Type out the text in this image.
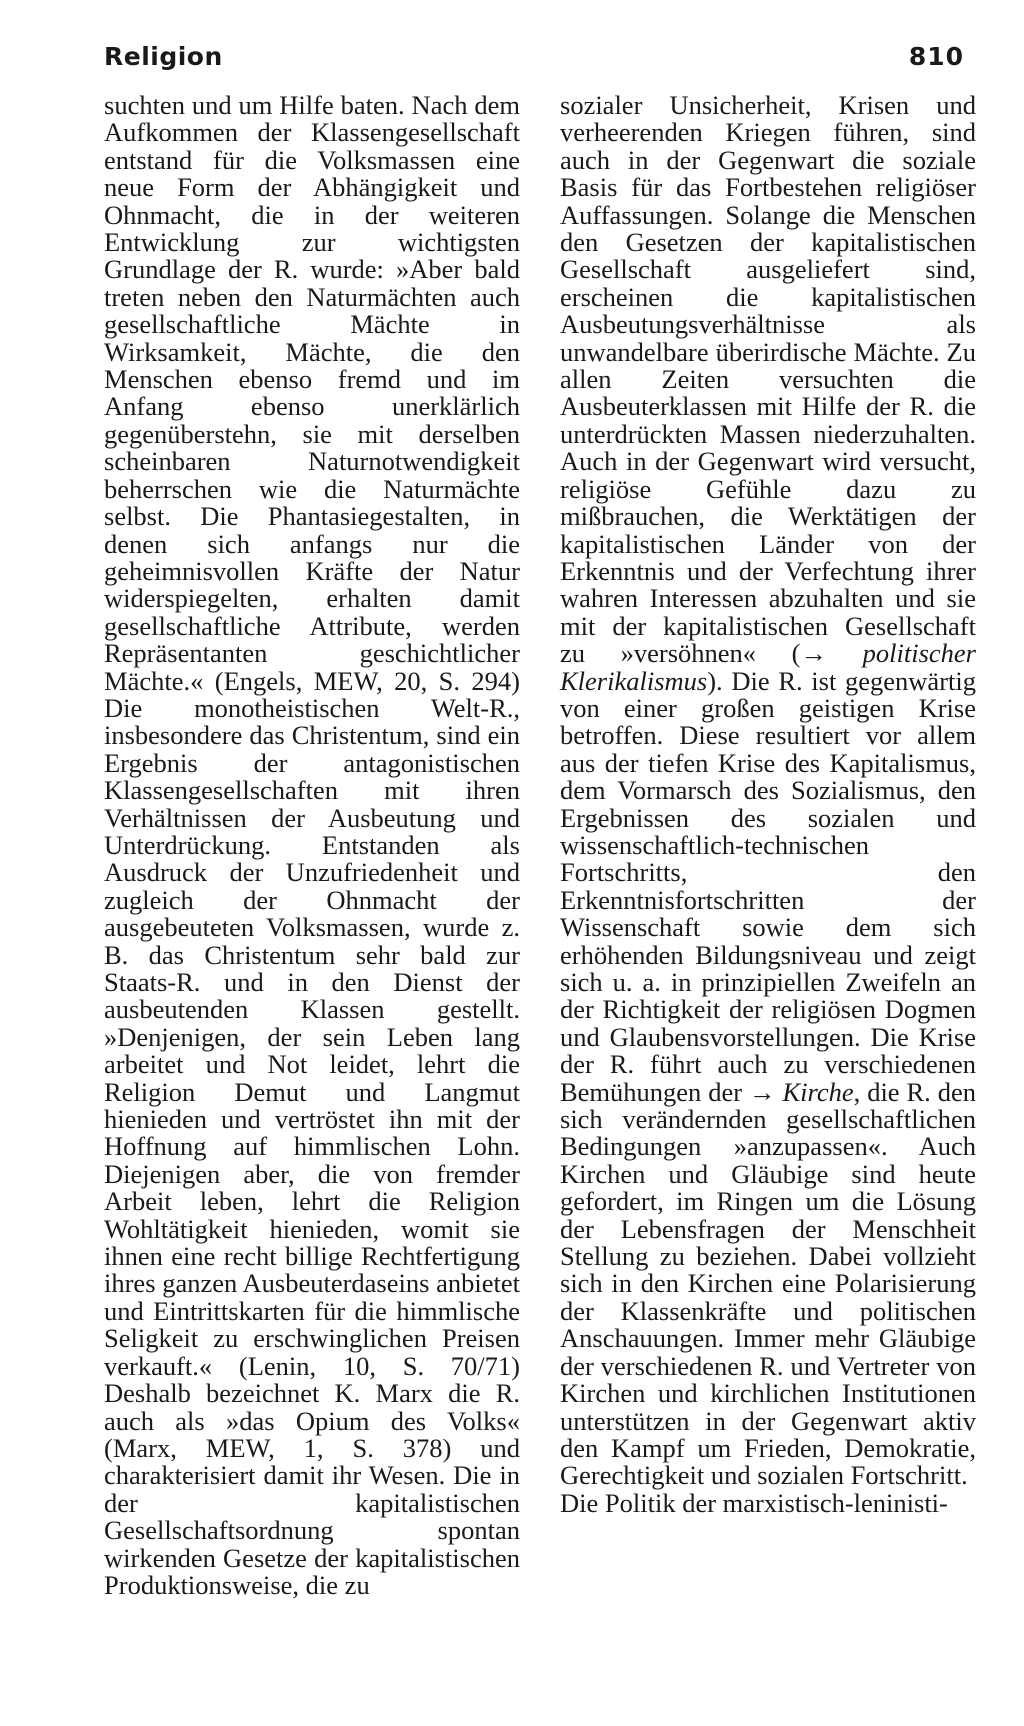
Religion	810

suchten und um Hilfe baten. Nach dem Aufkommen der Klassengesellschaft entstand für die Volksmassen eine neue Form der Abhängigkeit und Ohnmacht, die in der weiteren Entwicklung zur wichtigsten Grundlage der R. wurde: »Aber bald treten neben den Naturmächten auch gesellschaftliche Mächte in Wirksamkeit, Mächte, die den Menschen ebenso fremd und im Anfang ebenso unerklärlich gegenüberstehn, sie mit derselben scheinbaren Naturnotwendigkeit beherrschen wie die Naturmächte selbst. Die Phantasiegestalten, in denen sich anfangs nur die geheimnisvollen Kräfte der Natur widerspiegelten, erhalten damit gesellschaftliche Attribute, werden Repräsentanten geschichtlicher Mächte.« (Engels, MEW, 20, S. 294) Die monotheistischen Welt-R., insbesondere das Christentum, sind ein Ergebnis der antagonistischen Klassengesellschaften mit ihren Verhältnissen der Ausbeutung und Unterdrückung. Entstanden als Ausdruck der Unzufriedenheit und zugleich der Ohnmacht der ausgebeuteten Volksmassen, wurde z. B. das Christentum sehr bald zur Staats-R. und in den Dienst der ausbeutenden Klassen gestellt. »Denjenigen, der sein Leben lang arbeitet und Not leidet, lehrt die Religion Demut und Langmut hienieden und vertröstet ihn mit der Hoffnung auf himmlischen Lohn. Diejenigen aber, die von fremder Arbeit leben, lehrt die Religion Wohltätigkeit hienieden, womit sie ihnen eine recht billige Rechtfertigung ihres ganzen Ausbeuterdaseins anbietet und Eintrittskarten für die himmlische Seligkeit zu erschwinglichen Preisen verkauft.« (Lenin, 10, S. 70/71) Deshalb bezeichnet K. Marx die R. auch als »das Opium des Volks« (Marx, MEW, 1, S. 378) und charakterisiert damit ihr Wesen. Die in der kapitalistischen Gesellschaftsordnung spontan wirkenden Gesetze der kapitalistischen Produktionsweise, die zu

sozialer Unsicherheit, Krisen und verheerenden Kriegen führen, sind auch in der Gegenwart die soziale Basis für das Fortbestehen religiöser Auffassungen. Solange die Menschen den Gesetzen der kapitalistischen Gesellschaft ausgeliefert sind, erscheinen die kapitalistischen Ausbeutungsverhältnisse als unwandelbare überirdische Mächte. Zu allen Zeiten versuchten die Ausbeuterklassen mit Hilfe der R. die unterdrückten Massen niederzuhalten. Auch in der Gegenwart wird versucht, religiöse Gefühle dazu zu mißbrauchen, die Werktätigen der kapitalistischen Länder von der Erkenntnis und der Verfechtung ihrer wahren Interessen abzuhalten und sie mit der kapitalistischen Gesellschaft zu »versöhnen« (→ politischer Klerikalismus). Die R. ist gegenwärtig von einer großen geistigen Krise betroffen. Diese resultiert vor allem aus der tiefen Krise des Kapitalismus, dem Vormarsch des Sozialismus, den Ergebnissen des sozialen und wissenschaftlich-technischen Fortschritts, den Erkenntnisfortschritten der Wissenschaft sowie dem sich erhöhenden Bildungsniveau und zeigt sich u. a. in prinzipiellen Zweifeln an der Richtigkeit der religiösen Dogmen und Glaubensvorstellungen. Die Krise der R. führt auch zu verschiedenen Bemühungen der → Kirche, die R. den sich verändernden gesellschaftlichen Bedingungen »anzupassen«. Auch Kirchen und Gläubige sind heute gefordert, im Ringen um die Lösung der Lebensfragen der Menschheit Stellung zu beziehen. Dabei vollzieht sich in den Kirchen eine Polarisierung der Klassenkräfte und politischen Anschauungen. Immer mehr Gläubige der verschiedenen R. und Vertreter von Kirchen und kirchlichen Institutionen unterstützen in der Gegenwart aktiv den Kampf um Frieden, Demokratie, Gerechtigkeit und sozialen Fortschritt.

Die Politik der marxistisch-leninisti-
